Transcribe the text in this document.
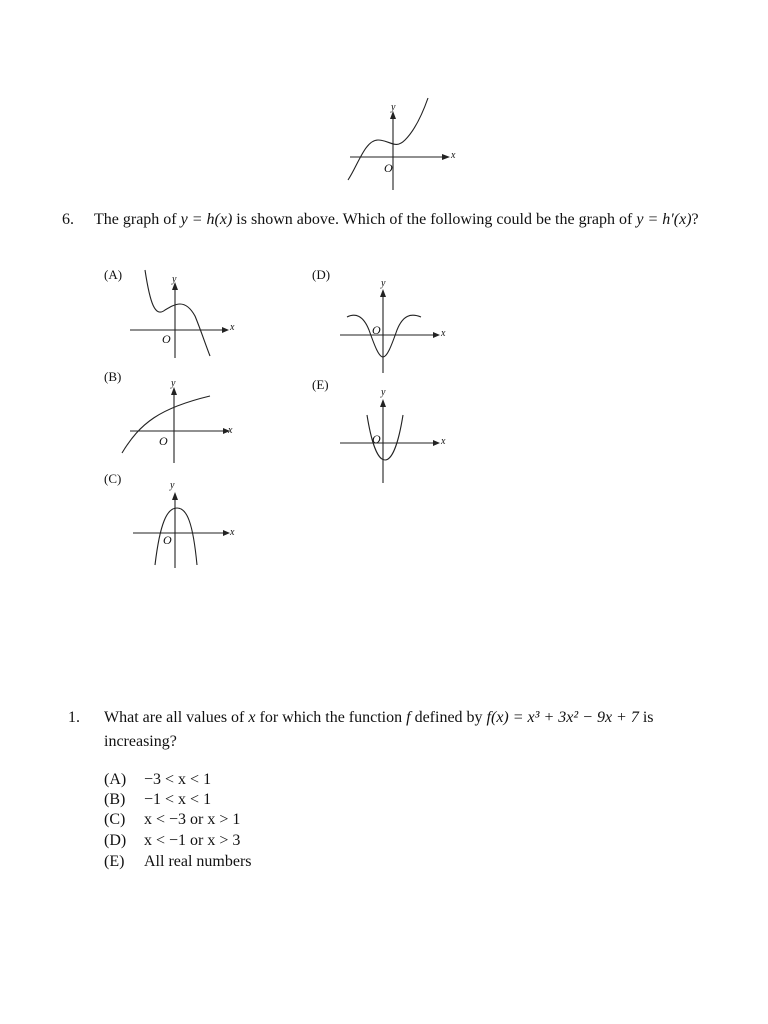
y
x
O
6. The graph of y = h(x) is shown above. Which of the following could be the graph of y = h′(x)?
(A)	y
x
O
(B)	y
x
O
(C)	y
x
O
(D)
y
x
O
(E)
y
x
O
1. What are all values of x for which the function f defined by f(x) = x³ + 3x² − 9x + 7 is
increasing?
(A) −3 < x < 1
(B) −1 < x < 1
(C) x < −3 or x > 1
(D) x < −1 or x > 3
(E) All real numbers
